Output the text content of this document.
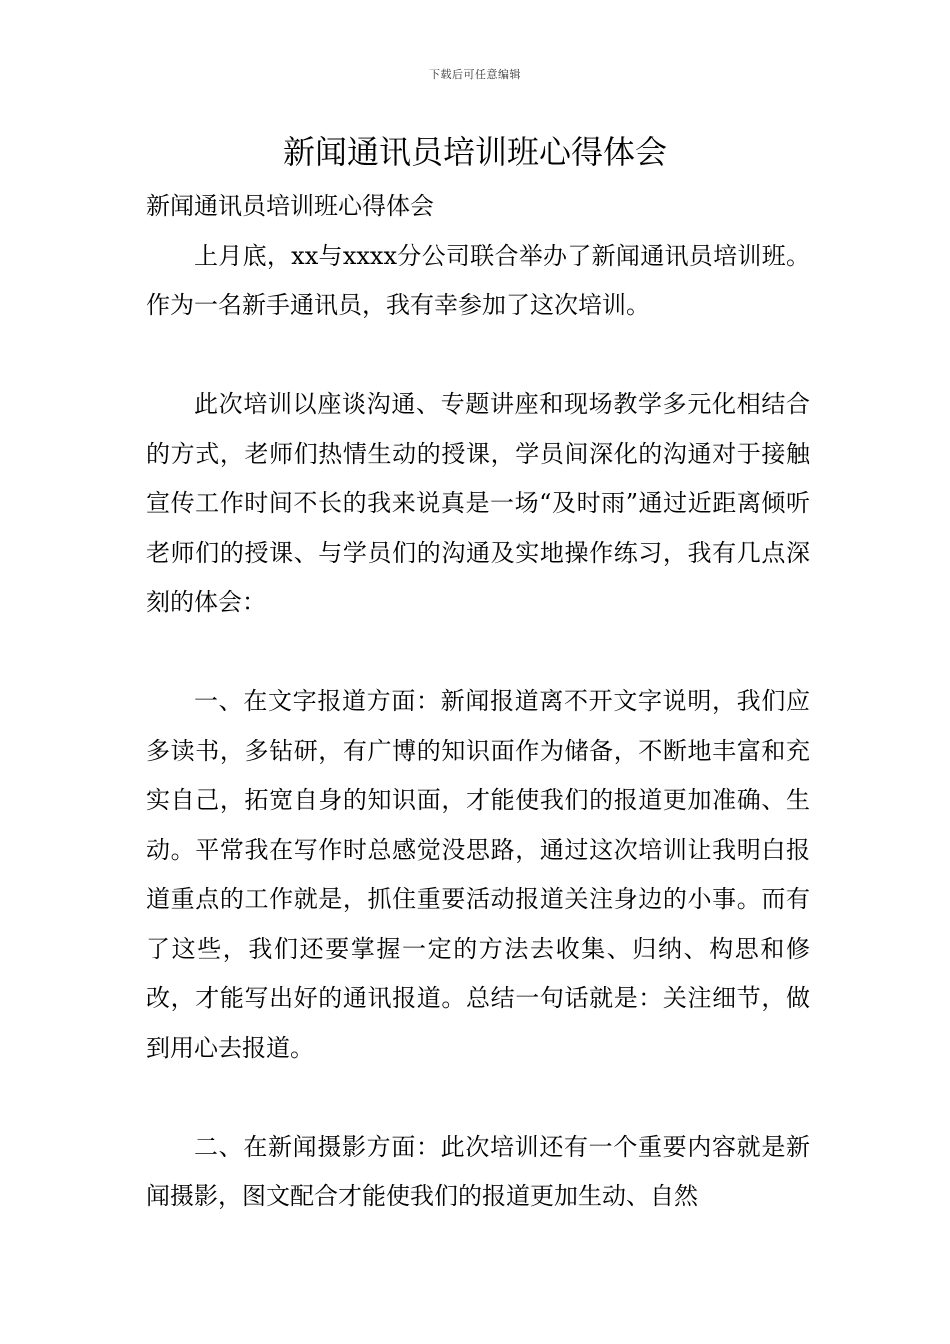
下载后可任意编辑
新闻通讯员培训班心得体会

新闻通讯员培训班心得体会

上月底，xx与xxxx分公司联合举办了新闻通讯员培训班。作为一名新手通讯员，我有幸参加了这次培训。

此次培训以座谈沟通、专题讲座和现场教学多元化相结合的方式，老师们热情生动的授课，学员间深化的沟通对于接触宣传工作时间不长的我来说真是一场“及时雨”通过近距离倾听老师们的授课、与学员们的沟通及实地操作练习，我有几点深刻的体会：

一、在文字报道方面：新闻报道离不开文字说明，我们应多读书，多钻研，有广博的知识面作为储备，不断地丰富和充实自己，拓宽自身的知识面，才能使我们的报道更加准确、生动。平常我在写作时总感觉没思路，通过这次培训让我明白报道重点的工作就是，抓住重要活动报道关注身边的小事。而有了这些，我们还要掌握一定的方法去收集、归纳、构思和修改，才能写出好的通讯报道。总结一句话就是：关注细节，做到用心去报道。

二、在新闻摄影方面：此次培训还有一个重要内容就是新闻摄影，图文配合才能使我们的报道更加生动、自然
